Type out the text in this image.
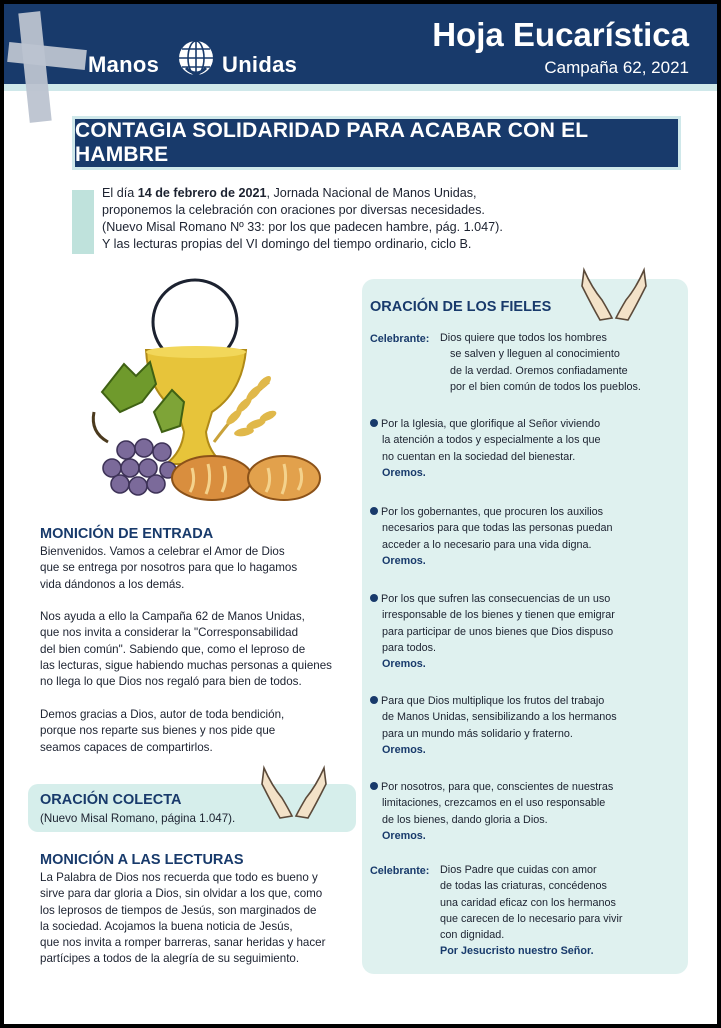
Manos	Unidas
Hoja Eucarística
Campaña 62, 2021
CONTAGIA SOLIDARIDAD PARA ACABAR CON EL HAMBRE
El día 14 de febrero de 2021, Jornada Nacional de Manos Unidas,
proponemos la celebración con oraciones por diversas necesidades.
(Nuevo Misal Romano Nº 33: por los que padecen hambre, pág. 1.047).
Y las lecturas propias del VI domingo del tiempo ordinario, ciclo B.
MONICIÓN DE ENTRADA
Bienvenidos. Vamos a celebrar el Amor de Dios
que se entrega por nosotros para que lo hagamos
vida dándonos a los demás.

Nos ayuda a ello la Campaña 62 de Manos Unidas,
que nos invita a considerar la "Corresponsabilidad
del bien común". Sabiendo que, como el leproso de
las lecturas, sigue habiendo muchas personas a quienes
no llega lo que Dios nos regaló para bien de todos.

Demos gracias a Dios, autor de toda bendición,
porque nos reparte sus bienes y nos pide que
seamos capaces de compartirlos.
ORACIÓN COLECTA
(Nuevo Misal Romano, página 1.047).
MONICIÓN A LAS LECTURAS
La Palabra de Dios nos recuerda que todo es bueno y
sirve para dar gloria a Dios, sin olvidar a los que, como
los leprosos de tiempos de Jesús, son marginados de
la sociedad. Acojamos la buena noticia de Jesús,
que nos invita a romper barreras, sanar heridas y hacer
partícipes a todos de la alegría de su seguimiento.

ORACIÓN DE LOS FIELES
Celebrante: Dios quiere que todos los hombres
se salven y lleguen al conocimiento
de la verdad. Oremos confiadamente
por el bien común de todos los pueblos.
Por la Iglesia, que glorifique al Señor viviendo
la atención a todos y especialmente a los que
no cuentan en la sociedad del bienestar.
Oremos.
Por los gobernantes, que procuren los auxilios
necesarios para que todas las personas puedan
acceder a lo necesario para una vida digna.
Oremos.
Por los que sufren las consecuencias de un uso
irresponsable de los bienes y tienen que emigrar
para participar de unos bienes que Dios dispuso
para todos.
Oremos.
Para que Dios multiplique los frutos del trabajo
de Manos Unidas, sensibilizando a los hermanos
para un mundo más solidario y fraterno.
Oremos.
Por nosotros, para que, conscientes de nuestras
limitaciones, crezcamos en el uso responsable
de los bienes, dando gloria a Dios.
Oremos.
Celebrante: Dios Padre que cuidas con amor
de todas las criaturas, concédenos
una caridad eficaz con los hermanos
que carecen de lo necesario para vivir
con dignidad.
Por Jesucristo nuestro Señor.
